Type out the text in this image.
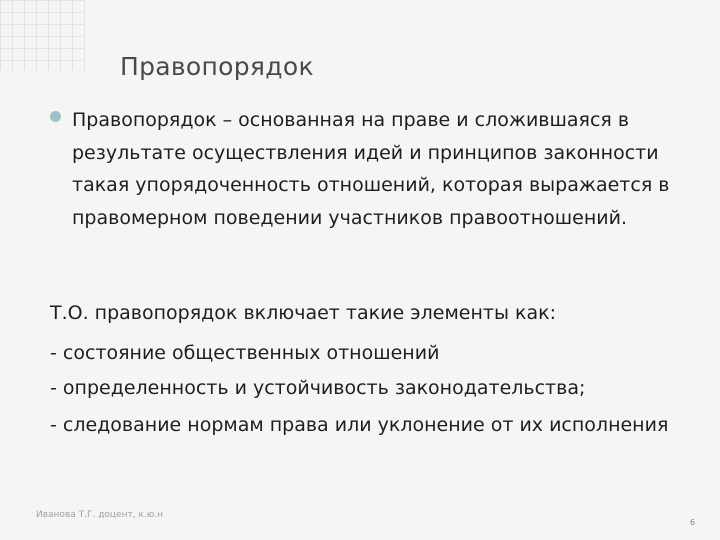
Правопорядок
Правопорядок – основанная на праве и сложившаяся в результате осуществления идей и принципов законности такая упорядоченность отношений, которая выражается в правомерном поведении участников правоотношений.
Т.О. правопорядок включает такие элементы как:
- состояние общественных отношений
- определенность и устойчивость законодательства;
- следование нормам права или уклонение от их исполнения
Иванова Т.Г. доцент, к.ю.н
6
